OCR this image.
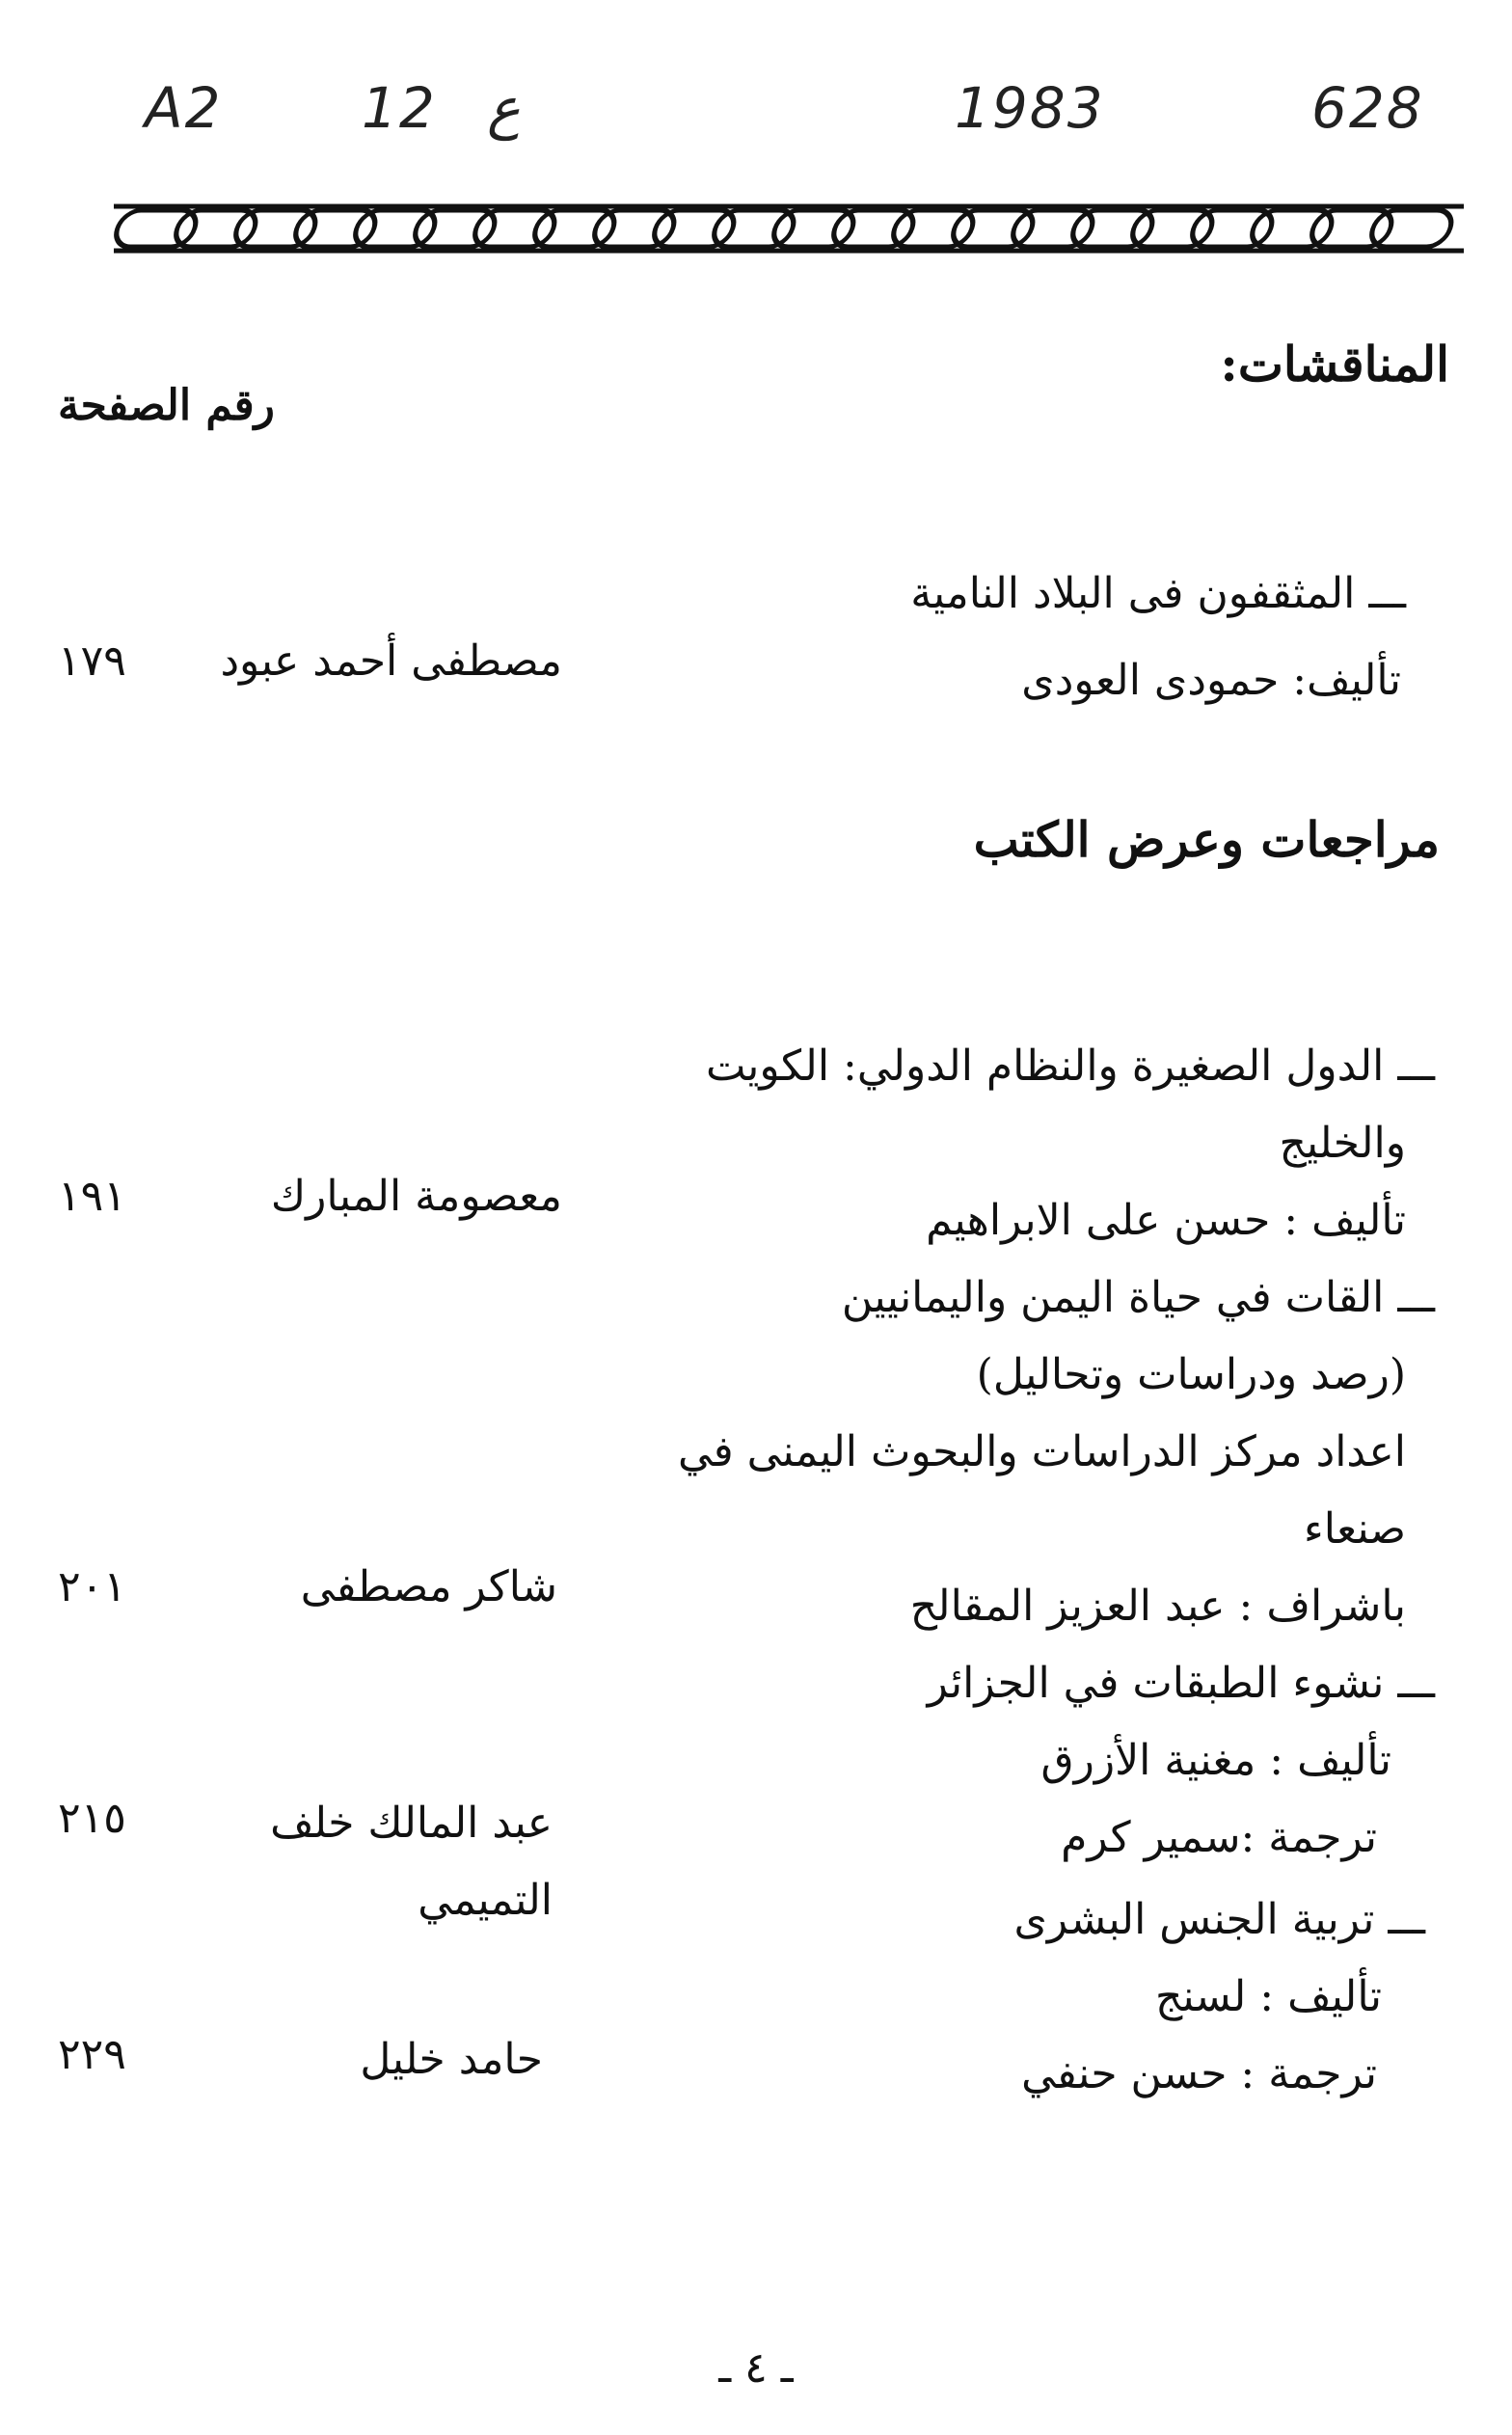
A2 12 ع	1983	628
المناقشات:
رقم الصفحة
ـــ المثقفون فى البلاد النامية
تأليف: حمودى العودى
مصطفى أحمد عبود
١٧٩
مراجعات وعرض الكتب
ـــ الدول الصغيرة والنظام الدولي: الكويت
والخليج
تأليف : حسن على الابراهيم
معصومة المبارك
١٩١
ـــ القات في حياة اليمن واليمانيين
(رصد ودراسات وتحاليل)
اعداد مركز الدراسات والبحوث اليمنى في
صنعاء
باشراف : عبد العزيز المقالح
شاكر مصطفى
٢٠١
ـــ نشوء الطبقات في الجزائر
تأليف : مغنية الأزرق
ترجمة :سمير كرم
عبد المالك خلف
التميمي
٢١٥
ـــ تربية الجنس البشرى
تأليف : لسنج
ترجمة : حسن حنفي
حامد خليل
٢٢٩
ـ ٤ ـ
